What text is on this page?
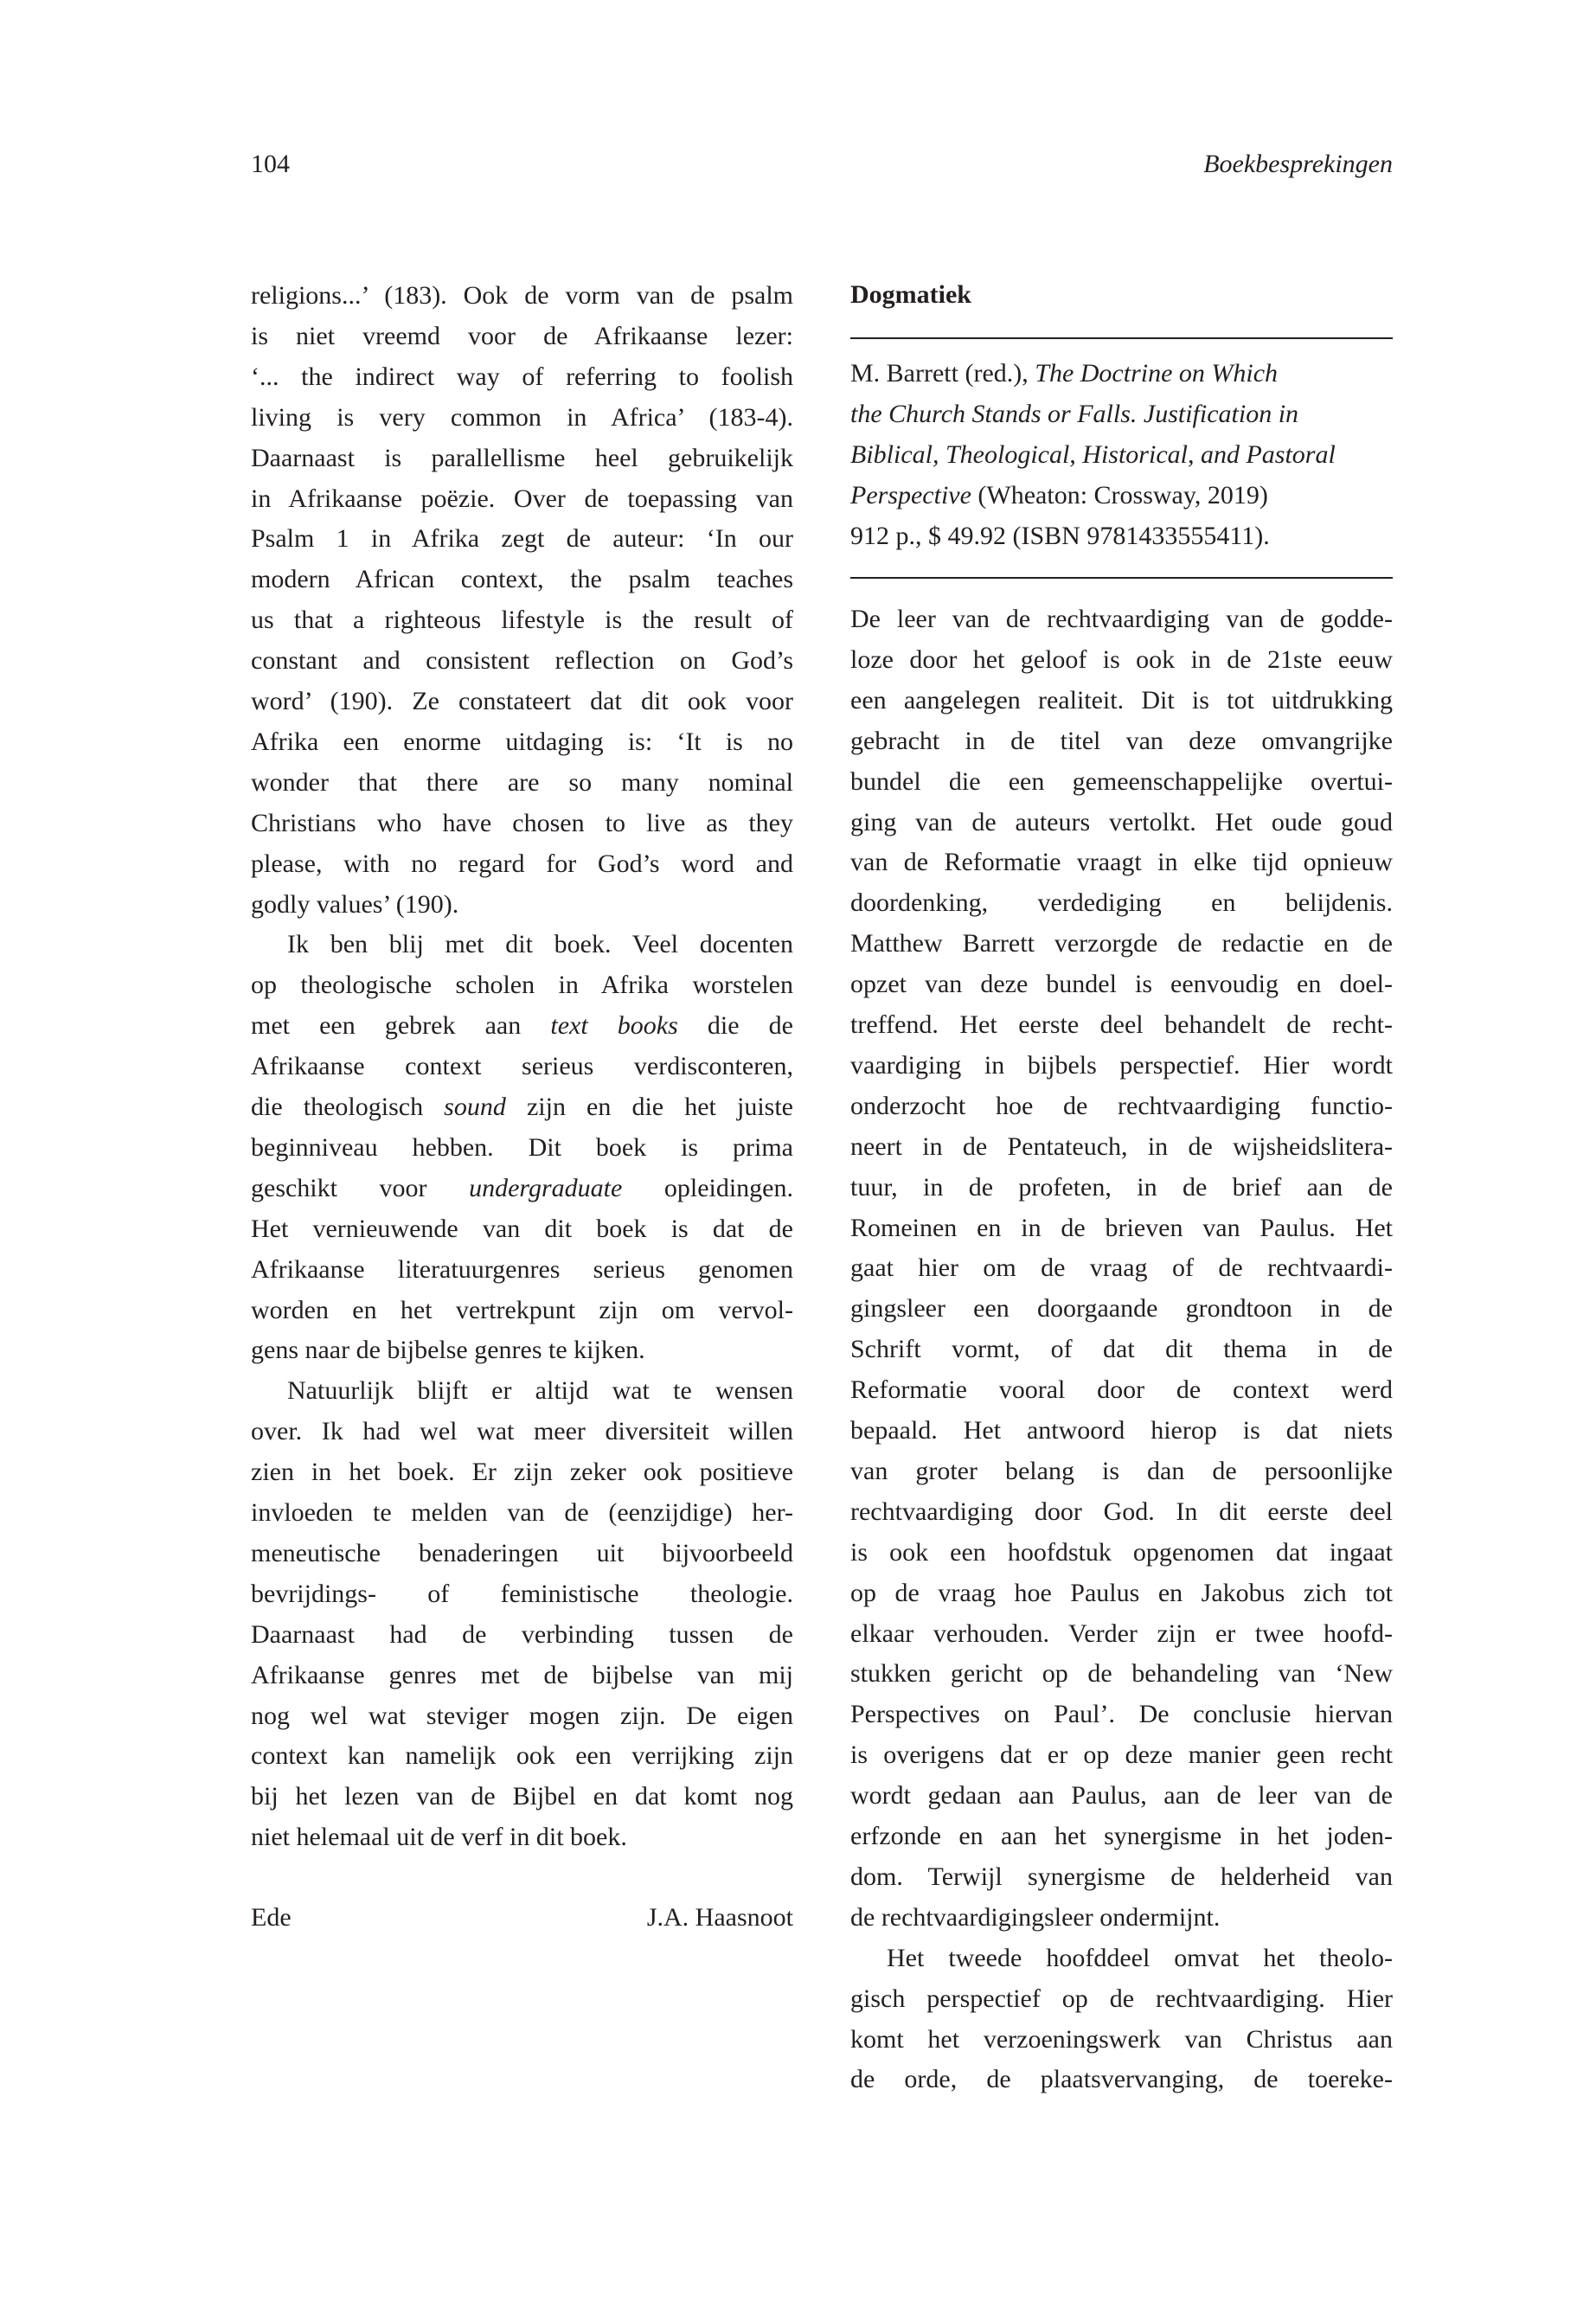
104	Boekbesprekingen
religions...’ (183). Ook de vorm van de psalm
is niet vreemd voor de Afrikaanse lezer:
‘... the indirect way of referring to foolish
living is very common in Africa’ (183-4).
Daarnaast is parallellisme heel gebruikelijk
in Afrikaanse poëzie. Over de toepassing van
Psalm 1 in Afrika zegt de auteur: ‘In our
modern African context, the psalm teaches
us that a righteous lifestyle is the result of
constant and consistent reflection on God’s
word’ (190). Ze constateert dat dit ook voor
Afrika een enorme uitdaging is: ‘It is no
wonder that there are so many nominal
Christians who have chosen to live as they
please, with no regard for God’s word and
godly values’ (190).
Ik ben blij met dit boek. Veel docenten
op theologische scholen in Afrika worstelen
met een gebrek aan text books die de
Afrikaanse context serieus verdisconteren,
die theologisch sound zijn en die het juiste
beginniveau hebben. Dit boek is prima
geschikt voor undergraduate opleidingen.
Het vernieuwende van dit boek is dat de
Afrikaanse literatuurgenres serieus genomen
worden en het vertrekpunt zijn om vervol-
gens naar de bijbelse genres te kijken.
Natuurlijk blijft er altijd wat te wensen
over. Ik had wel wat meer diversiteit willen
zien in het boek. Er zijn zeker ook positieve
invloeden te melden van de (eenzijdige) her-
meneutische benaderingen uit bijvoorbeeld
bevrijdings- of feministische theologie.
Daarnaast had de verbinding tussen de
Afrikaanse genres met de bijbelse van mij
nog wel wat steviger mogen zijn. De eigen
context kan namelijk ook een verrijking zijn
bij het lezen van de Bijbel en dat komt nog
niet helemaal uit de verf in dit boek.
Ede	J.A. Haasnoot
Dogmatiek
M. Barrett (red.), The Doctrine on Which
the Church Stands or Falls. Justification in
Biblical, Theological, Historical, and Pastoral
Perspective (Wheaton: Crossway, 2019)
912 p., $ 49.92 (ISBN 9781433555411).
De leer van de rechtvaardiging van de godde-
loze door het geloof is ook in de 21ste eeuw
een aangelegen realiteit. Dit is tot uitdrukking
gebracht in de titel van deze omvangrijke
bundel die een gemeenschappelijke overtui-
ging van de auteurs vertolkt. Het oude goud
van de Reformatie vraagt in elke tijd opnieuw
doordenking, verdediging en belijdenis.
Matthew Barrett verzorgde de redactie en de
opzet van deze bundel is eenvoudig en doel-
treffend. Het eerste deel behandelt de recht-
vaardiging in bijbels perspectief. Hier wordt
onderzocht hoe de rechtvaardiging functio-
neert in de Pentateuch, in de wijsheidslitera-
tuur, in de profeten, in de brief aan de
Romeinen en in de brieven van Paulus. Het
gaat hier om de vraag of de rechtvaardi-
gingsleer een doorgaande grondtoon in de
Schrift vormt, of dat dit thema in de
Reformatie vooral door de context werd
bepaald. Het antwoord hierop is dat niets
van groter belang is dan de persoonlijke
rechtvaardiging door God. In dit eerste deel
is ook een hoofdstuk opgenomen dat ingaat
op de vraag hoe Paulus en Jakobus zich tot
elkaar verhouden. Verder zijn er twee hoofd-
stukken gericht op de behandeling van ‘New
Perspectives on Paul’. De conclusie hiervan
is overigens dat er op deze manier geen recht
wordt gedaan aan Paulus, aan de leer van de
erfzonde en aan het synergisme in het joden-
dom. Terwijl synergisme de helderheid van
de rechtvaardigingsleer ondermijnt.
Het tweede hoofddeel omvat het theolo-
gisch perspectief op de rechtvaardiging. Hier
komt het verzoeningswerk van Christus aan
de orde, de plaatsvervanging, de toereke-
